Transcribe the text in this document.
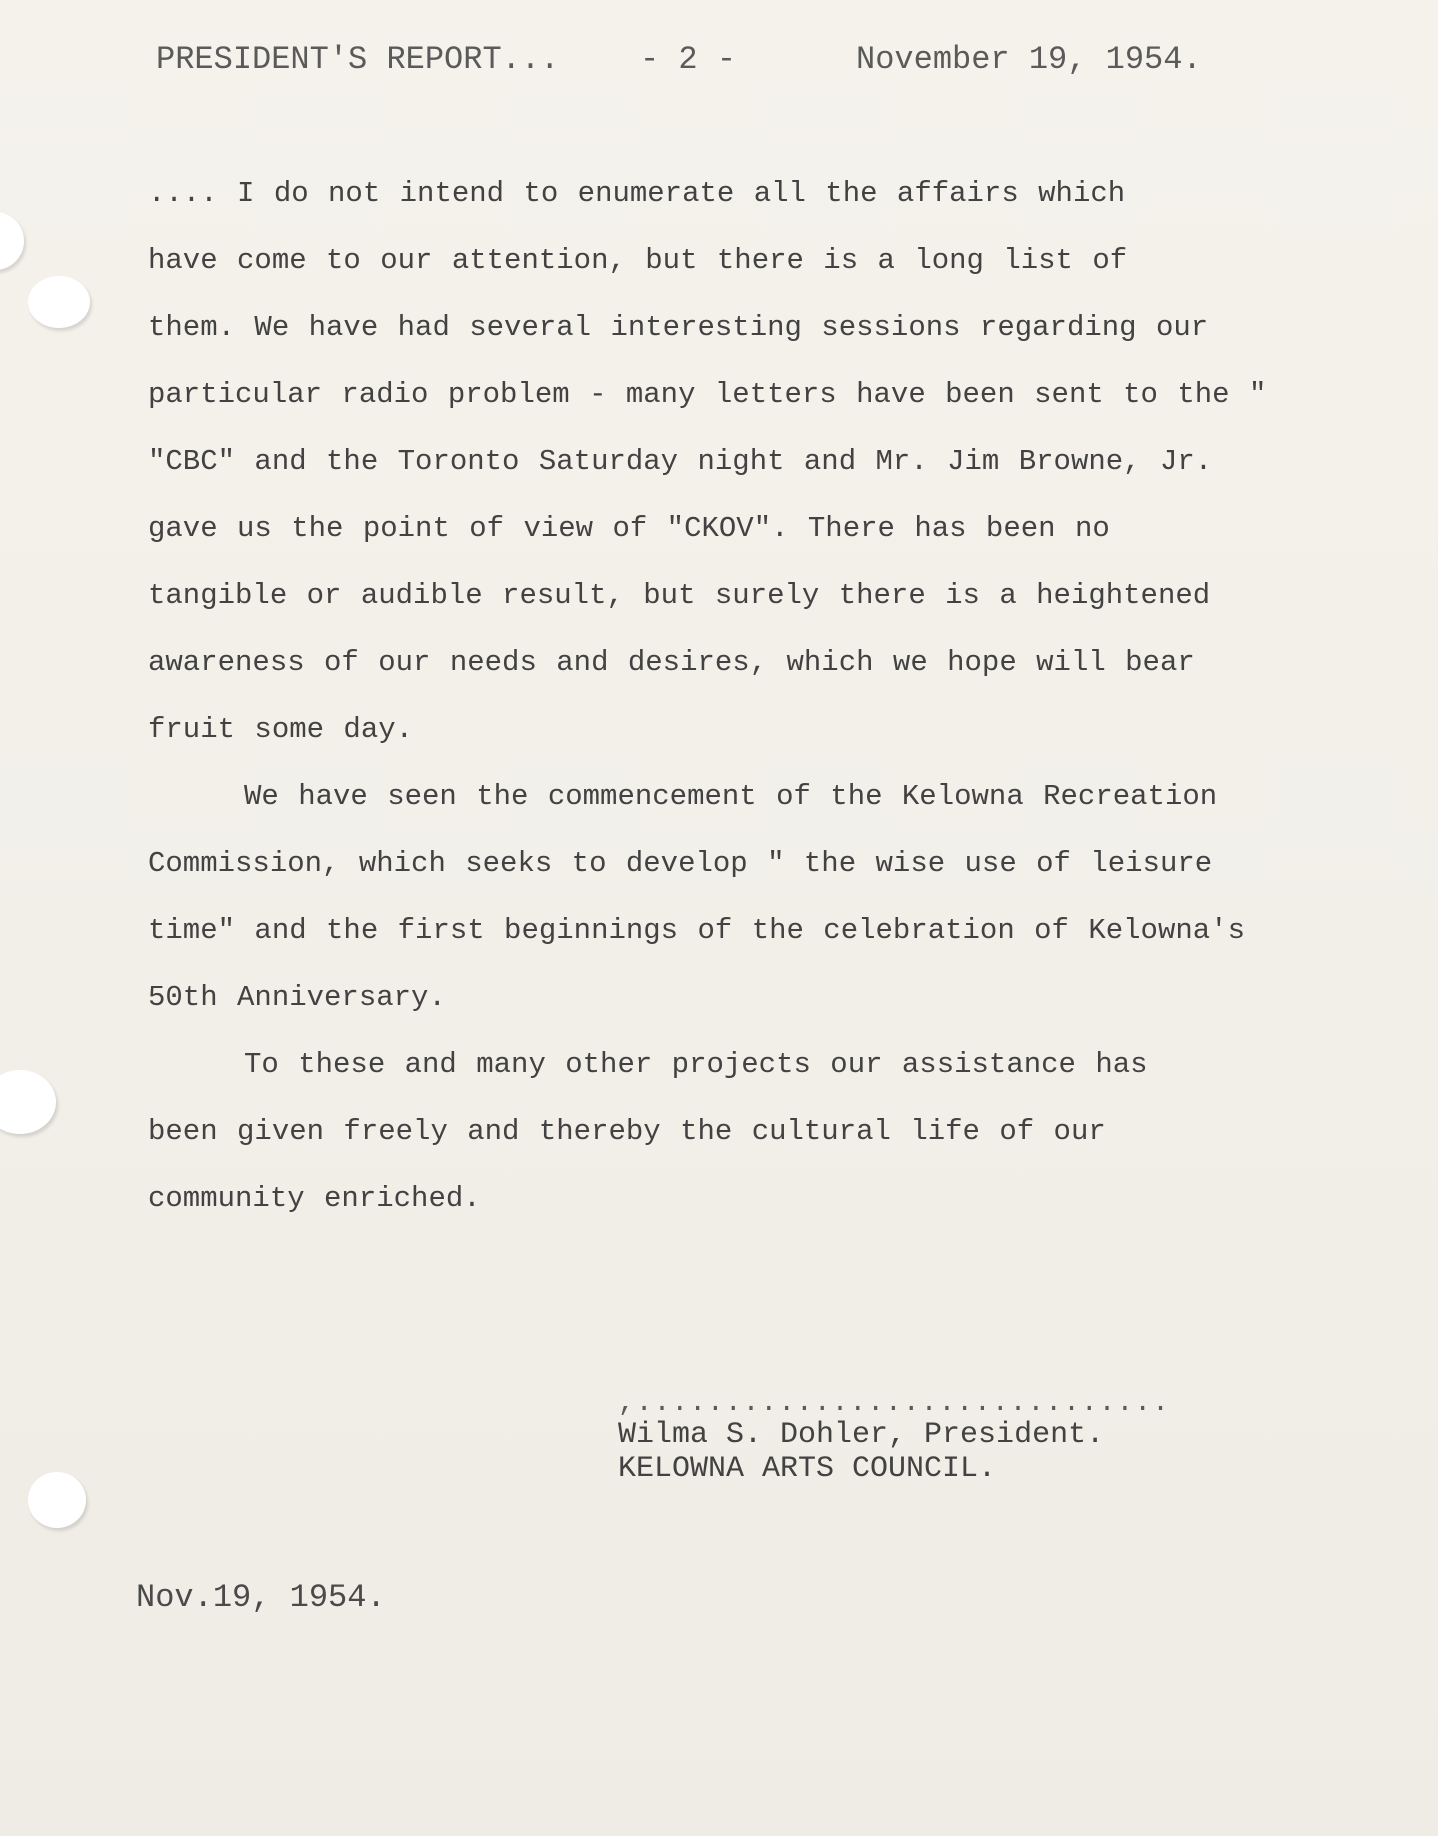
PRESIDENT'S REPORT...	- 2 -	November 19, 1954.

.... I do not intend to enumerate all the affairs which

have come to our attention, but there is a long list of

them. We have had several interesting sessions regarding our

particular radio problem - many letters have been sent to the "

"CBC" and the Toronto Saturday night and Mr. Jim Browne, Jr.

gave us the point of view of "CKOV". There has been no

tangible or audible result, but surely there is a heightened

awareness of our needs and desires, which we hope will bear

fruit some day.

We have seen the commencement of the Kelowna Recreation

Commission, which seeks to develop " the wise use of leisure

time" and the first beginnings of the celebration of Kelowna's

50th Anniversary.

To these and many other projects our assistance has

been given freely and thereby the cultural life of our

community enriched.

,..............................
Wilma S. Dohler, President.
KELOWNA ARTS COUNCIL.
Nov.19, 1954.
